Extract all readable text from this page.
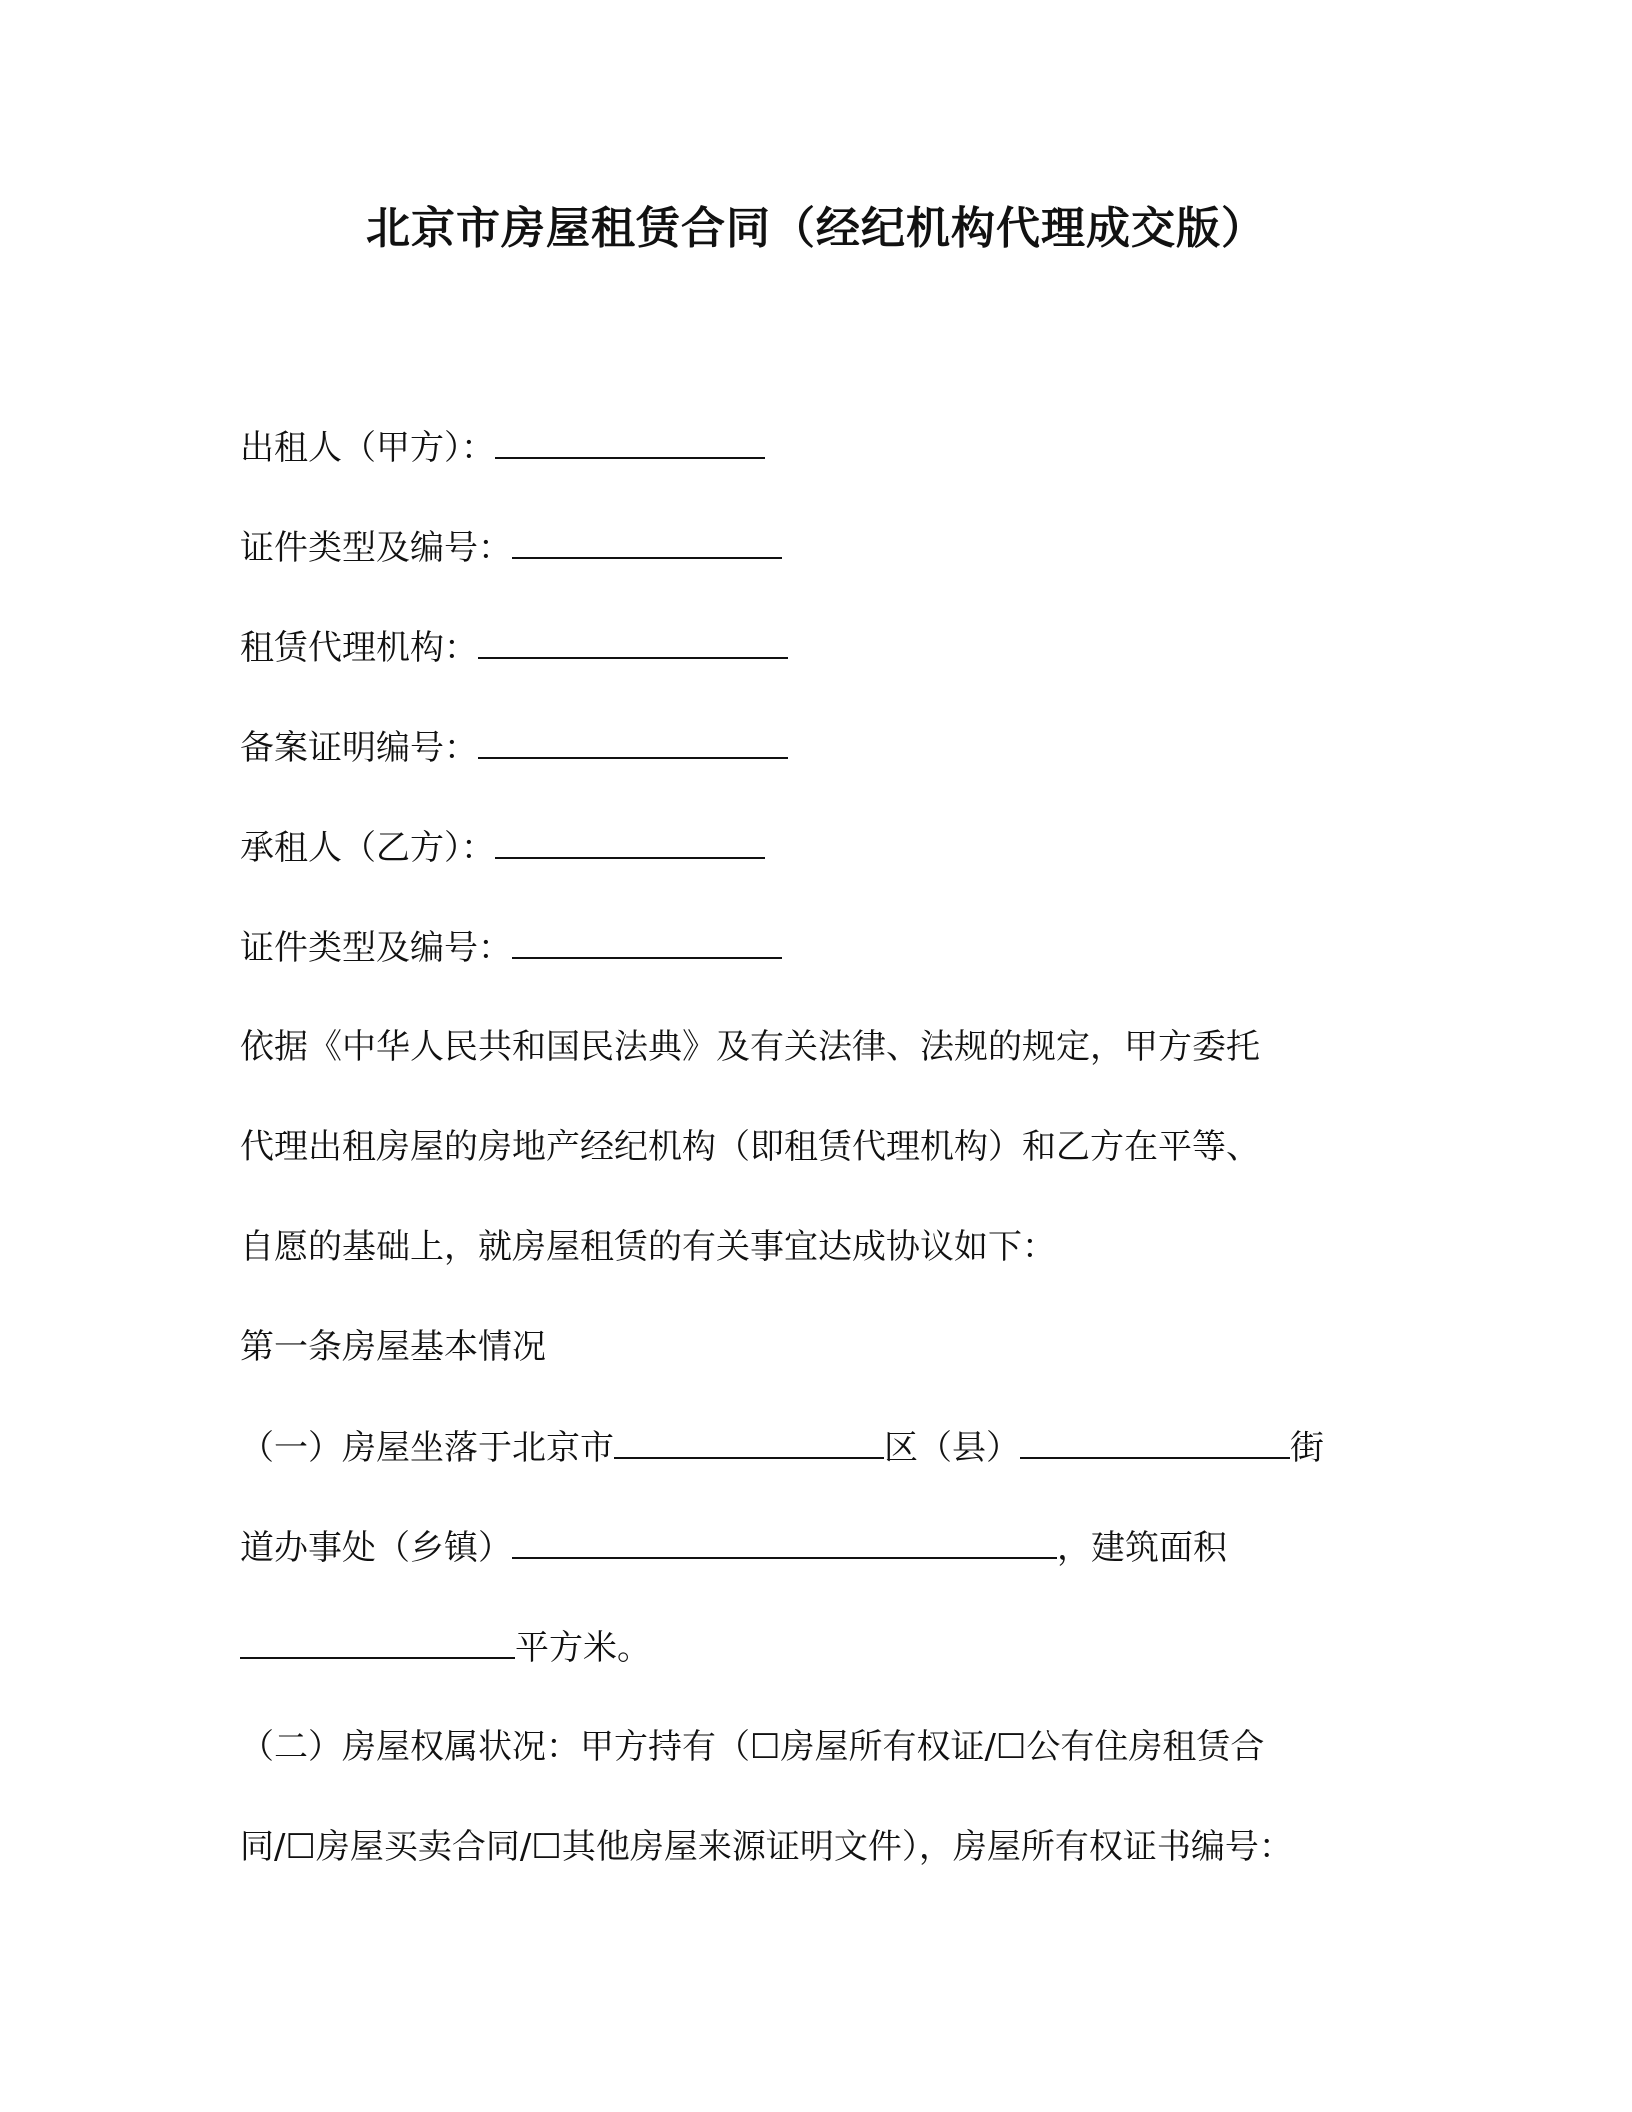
北京市房屋租赁合同（经纪机构代理成交版）
出租人（甲方）：
证件类型及编号：
租赁代理机构：
备案证明编号：
承租人（乙方）：
证件类型及编号：
依据《中华人民共和国民法典》及有关法律、法规的规定，甲方委托
代理出租房屋的房地产经纪机构（即租赁代理机构）和乙方在平等、
自愿的基础上，就房屋租赁的有关事宜达成协议如下：
第一条房屋基本情况
（一）房屋坐落于北京市	区（县）	街
道办事处（乡镇）	，建筑面积
平方米。
（二）房屋权属状况：甲方持有（☐房屋所有权证/☐公有住房租赁合
同/☐房屋买卖合同/☐其他房屋来源证明文件），房屋所有权证书编号：
